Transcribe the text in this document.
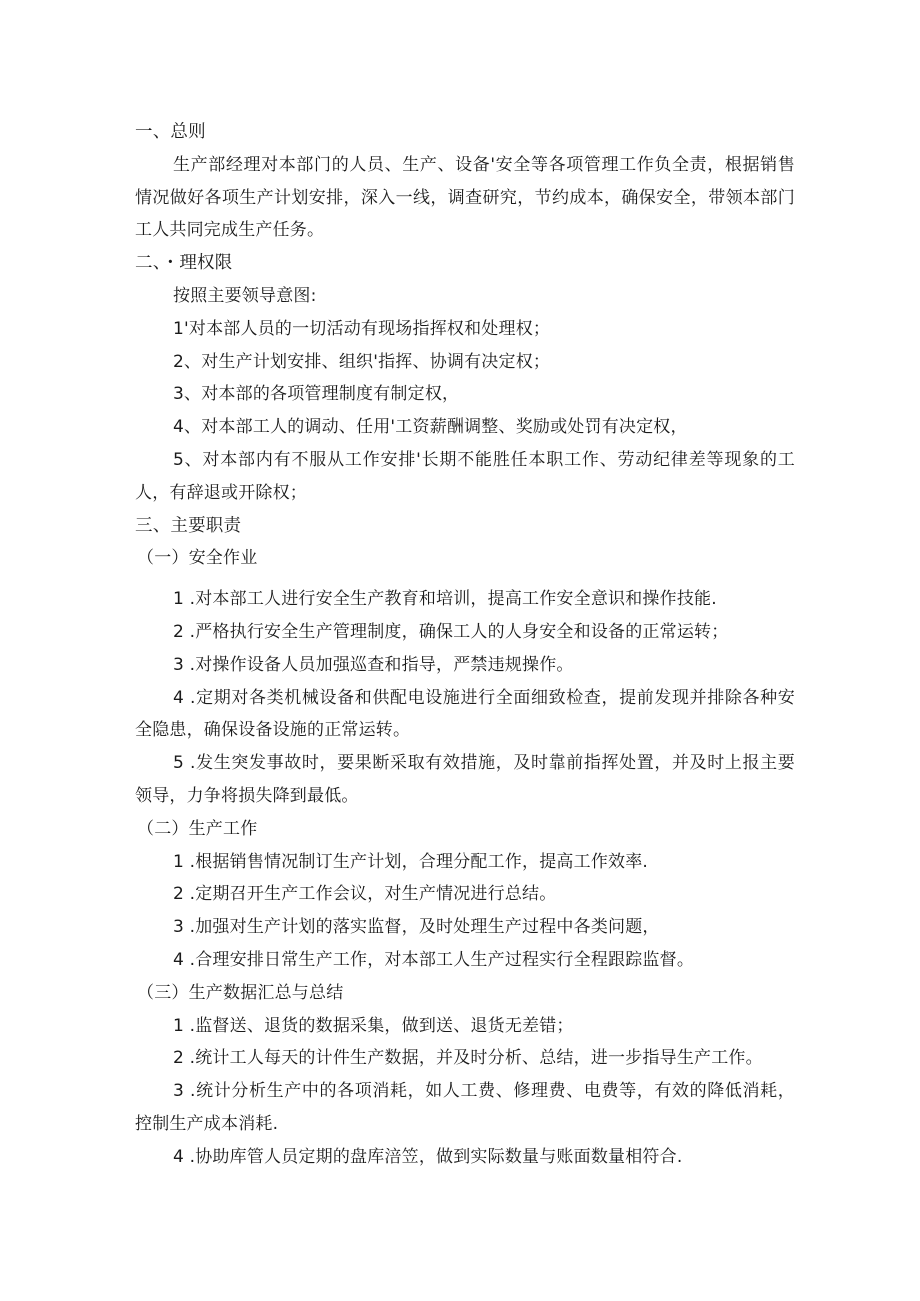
一、总则
生产部经理对本部门的人员、生产、设备'安全等各项管理工作负全责，根据销售情况做好各项生产计划安排，深入一线，调查研究，节约成本，确保安全，带领本部门工人共同完成生产任务。
二、・理权限
按照主要领导意图:
1'对本部人员的一切活动有现场指挥权和处理权；
2、对生产计划安排、组织'指挥、协调有决定权；
3、对本部的各项管理制度有制定权，
4、对本部工人的调动、任用'工资薪酬调整、奖励或处罚有决定权，
5、对本部内有不服从工作安排'长期不能胜任本职工作、劳动纪律差等现象的工人，有辞退或开除权；
三、主要职责
（一）安全作业
1 .对本部工人进行安全生产教育和培训，提高工作安全意识和操作技能.
2 .严格执行安全生产管理制度，确保工人的人身安全和设备的正常运转；
3 .对操作设备人员加强巡查和指导，严禁违规操作。
4 .定期对各类机械设备和供配电设施进行全面细致检查，提前发现并排除各种安全隐患，确保设备设施的正常运转。
5 .发生突发事故时，要果断采取有效措施，及时靠前指挥处置，并及时上报主要领导，力争将损失降到最低。
（二）生产工作
1 .根据销售情况制订生产计划，合理分配工作，提高工作效率.
2 .定期召开生产工作会议，对生产情况进行总结。
3 .加强对生产计划的落实监督，及时处理生产过程中各类问题，
4 .合理安排日常生产工作，对本部工人生产过程实行全程跟踪监督。
（三）生产数据汇总与总结
1 .监督送、退货的数据采集，做到送、退货无差错；
2 .统计工人每天的计件生产数据，并及时分析、总结，进一步指导生产工作。
3 .统计分析生产中的各项消耗，如人工费、修理费、电费等，有效的降低消耗，控制生产成本消耗.
4 .协助库管人员定期的盘库涪笠，做到实际数量与账面数量相符合.
